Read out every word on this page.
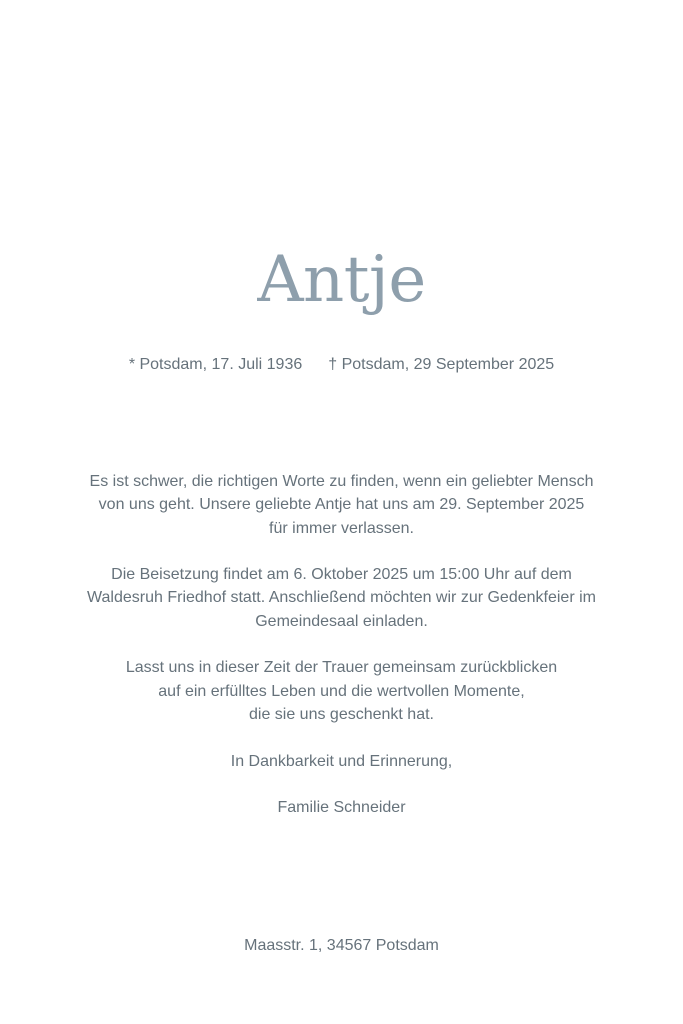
Antje
* Potsdam, 17. Juli 1936 † Potsdam, 29 September 2025

Es ist schwer, die richtigen Worte zu finden, wenn ein geliebter Mensch
von uns geht. Unsere geliebte Antje hat uns am 29. September 2025
für immer verlassen.

Die Beisetzung findet am 6. Oktober 2025 um 15:00 Uhr auf dem
Waldesruh Friedhof statt. Anschließend möchten wir zur Gedenkfeier im
Gemeindesaal einladen.

Lasst uns in dieser Zeit der Trauer gemeinsam zurückblicken
auf ein erfülltes Leben und die wertvollen Momente,
die sie uns geschenkt hat.

In Dankbarkeit und Erinnerung,

Familie Schneider

Maasstr. 1, 34567 Potsdam
